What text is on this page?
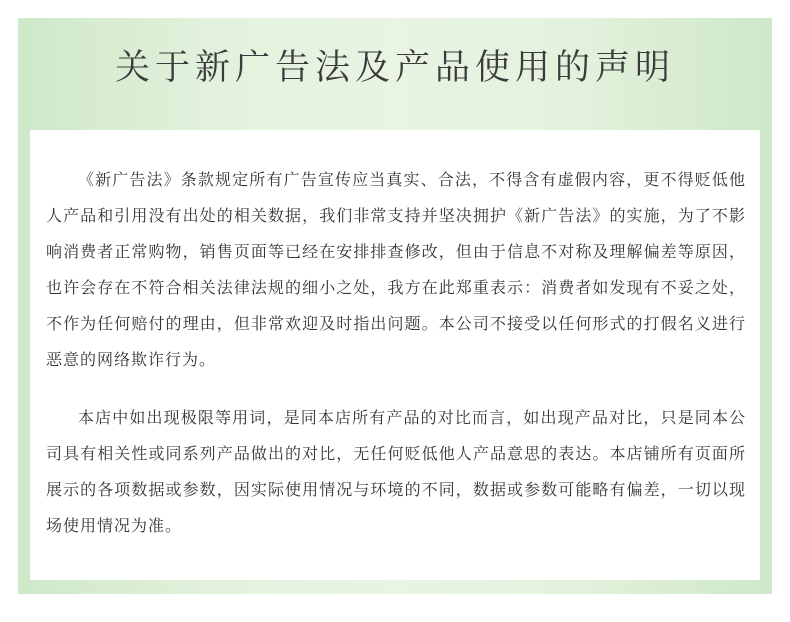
关于新广告法及产品使用的声明

《新广告法》条款规定所有广告宣传应当真实、合法，不得含有虚假内容，更不得贬低他人产品和引用没有出处的相关数据，我们非常支持并坚决拥护《新广告法》的实施，为了不影响消费者正常购物，销售页面等已经在安排排查修改，但由于信息不对称及理解偏差等原因，也许会存在不符合相关法律法规的细小之处，我方在此郑重表示：消费者如发现有不妥之处，不作为任何赔付的理由，但非常欢迎及时指出问题。本公司不接受以任何形式的打假名义进行恶意的网络欺诈行为。

本店中如出现极限等用词，是同本店所有产品的对比而言，如出现产品对比，只是同本公司具有相关性或同系列产品做出的对比，无任何贬低他人产品意思的表达。本店铺所有页面所展示的各项数据或参数，因实际使用情况与环境的不同，数据或参数可能略有偏差，一切以现场使用情况为准。
